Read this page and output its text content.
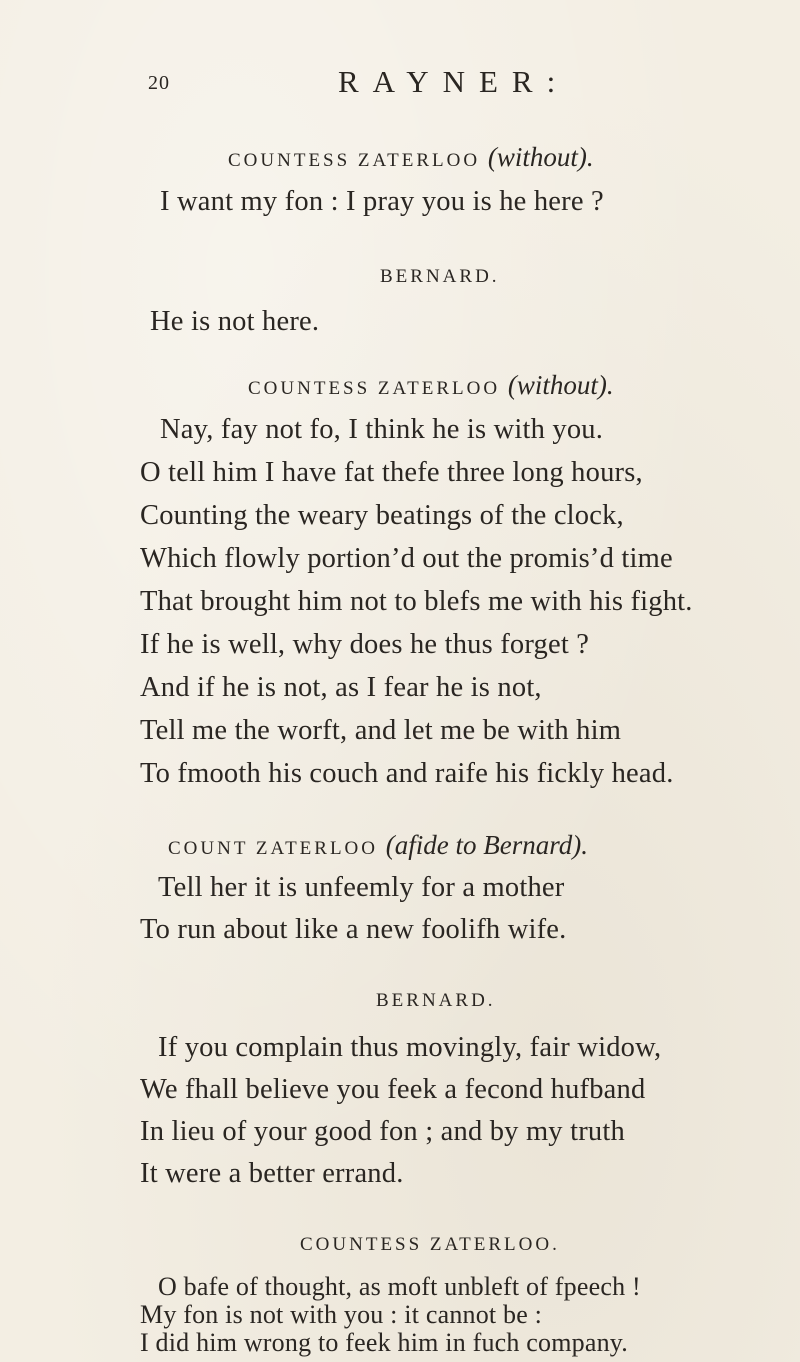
20	RAYNER:
COUNTESS ZATERLOO (without).
I want my fon : I pray you is he here ?
BERNARD.
He is not here.
COUNTESS ZATERLOO (without).
Nay, fay not fo, I think he is with you.
O tell him I have fat thefe three long hours,
Counting the weary beatings of the clock,
Which flowly portion’d out the promis’d time
That brought him not to blefs me with his fight.
If he is well, why does he thus forget ?
And if he is not, as I fear he is not,
Tell me the worft, and let me be with him
To fmooth his couch and raife his fickly head.
COUNT ZATERLOO (afide to Bernard).
Tell her it is unfeemly for a mother
To run about like a new foolifh wife.
BERNARD.
If you complain thus movingly, fair widow,
We fhall believe you feek a fecond hufband
In lieu of your good fon ; and by my truth
It were a better errand.
COUNTESS ZATERLOO.
O bafe of thought, as moft unbleft of fpeech !
My fon is not with you : it cannot be :
I did him wrong to feek him in fuch company.
